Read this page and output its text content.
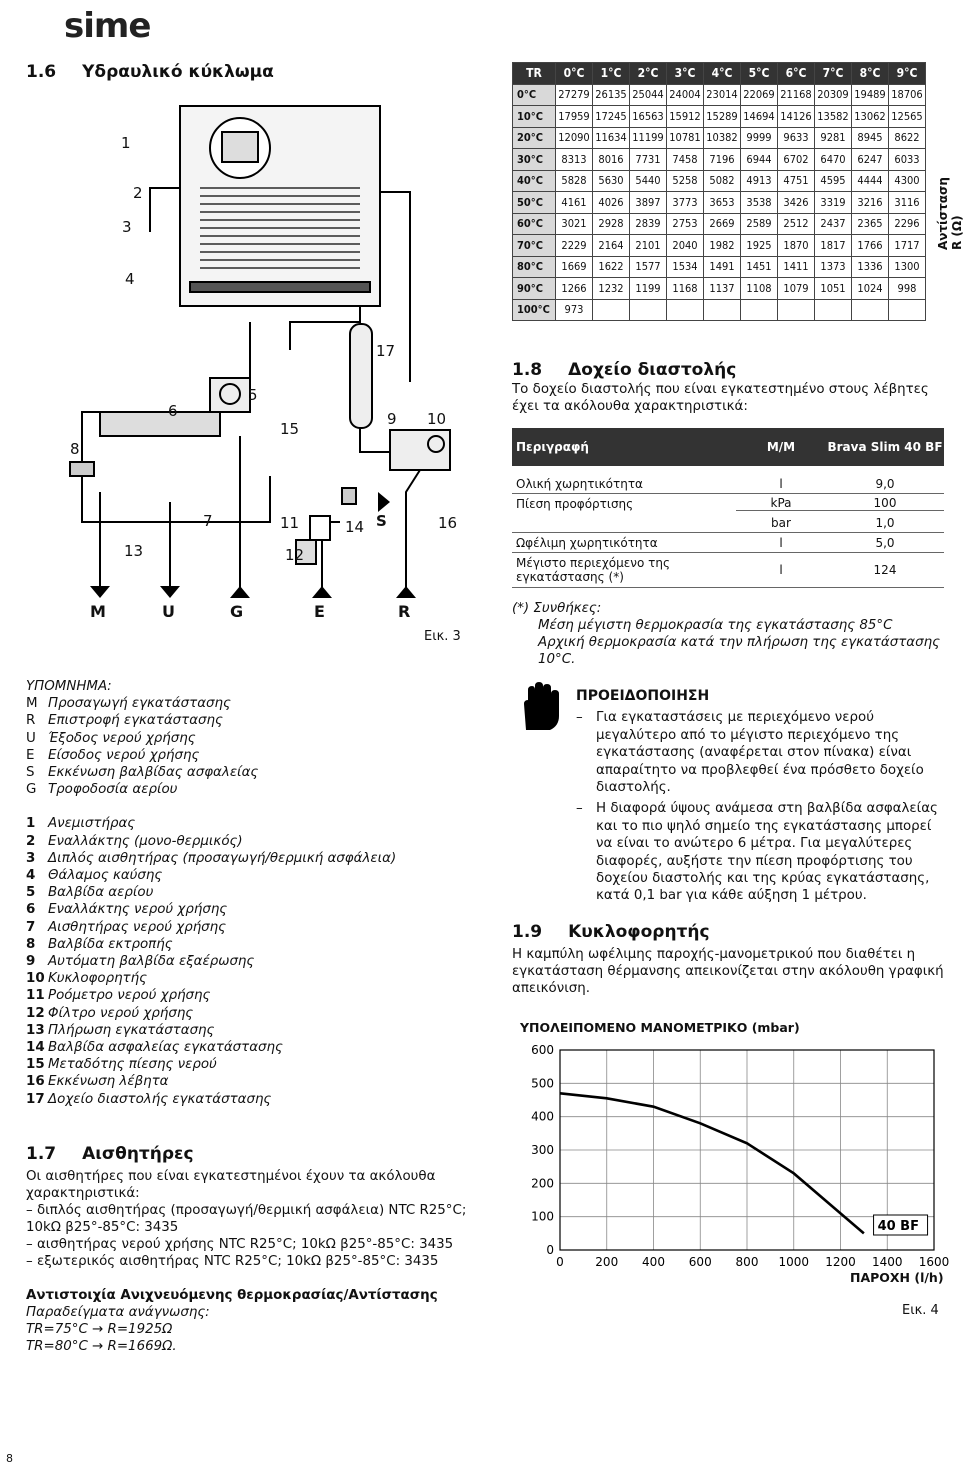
sime
1.6 Υδραυλικό κύκλωμα
1
2
3
4
5
6
7
8
9 10
11
12
13
14
15
16
17
S
M	U	G	E	R
Εικ. 3
ΥΠΟΜΝΗΜΑ:
M Προσαγωγή εγκατάστασης
R Επιστροφή εγκατάστασης
U Έξοδος νερού χρήσης
E Είσοδος νερού χρήσης
S Εκκένωση βαλβίδας ασφαλείας
G Τροφοδοσία αερίου
1 Ανεμιστήρας
2 Εναλλάκτης (μονο-θερμικός)
3 Διπλός αισθητήρας (προσαγωγή/θερμική ασφάλεια)
4 Θάλαμος καύσης
5 Βαλβίδα αερίου
6 Εναλλάκτης νερού χρήσης
7 Αισθητήρας νερού χρήσης
8 Βαλβίδα εκτροπής
9 Αυτόματη βαλβίδα εξαέρωσης
10 Κυκλοφορητής
11 Ροόμετρο νερού χρήσης
12 Φίλτρο νερού χρήσης
13 Πλήρωση εγκατάστασης
14 Βαλβίδα ασφαλείας εγκατάστασης
15 Μεταδότης πίεσης νερού
16 Εκκένωση λέβητα
17 Δοχείο διαστολής εγκατάστασης
1.7 Αισθητήρες
Οι αισθητήρες που είναι εγκατεστημένοι έχουν τα ακόλουθα χαρακτηριστικά:
– διπλός αισθητήρας (προσαγωγή/θερμική ασφάλεια) NTC R25°C; 10kΩ β25°-85°C: 3435
– αισθητήρας νερού χρήσης NTC R25°C; 10kΩ β25°-85°C: 3435
– εξωτερικός αισθητήρας NTC R25°C; 10kΩ β25°-85°C: 3435
Αντιστοιχία Ανιχνευόμενης θερμοκρασίας/Αντίστασης
Παραδείγματα ανάγνωσης:
TR=75°C → R=1925Ω
TR=80°C → R=1669Ω.
TR	0°C	1°C	2°C	3°C	4°C	5°C	6°C	7°C	8°C	9°C
0°C	27279	26135	25044	24004	23014	22069	21168	20309	19489	18706
10°C	17959	17245	16563	15912	15289	14694	14126	13582	13062	12565
20°C	12090	11634	11199	10781	10382	9999	9633	9281	8945	8622
30°C	8313	8016	7731	7458	7196	6944	6702	6470	6247	6033
40°C	5828	5630	5440	5258	5082	4913	4751	4595	4444	4300
50°C	4161	4026	3897	3773	3653	3538	3426	3319	3216	3116
60°C	3021	2928	2839	2753	2669	2589	2512	2437	2365	2296
70°C	2229	2164	2101	2040	1982	1925	1870	1817	1766	1717
80°C	1669	1622	1577	1534	1491	1451	1411	1373	1336	1300
90°C	1266	1232	1199	1168	1137	1108	1079	1051	1024	998
100°C	973									
Αντίσταση R (Ω)
1.8 Δοχείο διαστολής
Το δοχείο διαστολής που είναι εγκατεστημένο στους λέβητες έχει τα ακόλουθα χαρακτηριστικά:
Περιγραφή	M/M	Brava Slim 40 BF
Ολική χωρητικότητα	l	9,0
Πίεση προφόρτισης	kPa	100
bar	1,0
Ωφέλιμη χωρητικότητα	l	5,0
Μέγιστο περιεχόμενο της εγκατάστασης (*)	l	124
(*) Συνθήκες:
Μέση μέγιστη θερμοκρασία της εγκατάστασης 85°C
Αρχική θερμοκρασία κατά την πλήρωση της εγκατάστασης 10°C.
ΠΡΟΕΙΔΟΠΟΙΗΣΗ
– Για εγκαταστάσεις με περιεχόμενο νερού μεγαλύτερο από το μέγιστο περιεχόμενο της εγκατάστασης (αναφέρεται στον πίνακα) είναι απαραίτητο να προβλεφθεί ένα πρόσθετο δοχείο διαστολής.
– Η διαφορά ύψους ανάμεσα στη βαλβίδα ασφαλείας και το πιο ψηλό σημείο της εγκατάστασης μπορεί να είναι το ανώτερο 6 μέτρα. Για μεγαλύτερες διαφορές, αυξήστε την πίεση προφόρτισης του δοχείου διαστολής και της κρύας εγκατάστασης, κατά 0,1 bar για κάθε αύξηση 1 μέτρου.
1.9 Κυκλοφορητής
Η καμπύλη ωφέλιμης παροχής-μανομετρικού που διαθέτει η εγκατάσταση θέρμανσης απεικονίζεται στην ακόλουθη γραφική απεικόνιση.
ΥΠΟΛΕΙΠΟΜΕΝΟ ΜΑΝΟΜΕΤΡΙΚΟ (mbar)
0	200 400 600 800 1000 1200 1400 1600
0
100
200
300
400
500
600
40 BF
ΠΑΡΟΧΗ (l/h)
Εικ. 4
8
